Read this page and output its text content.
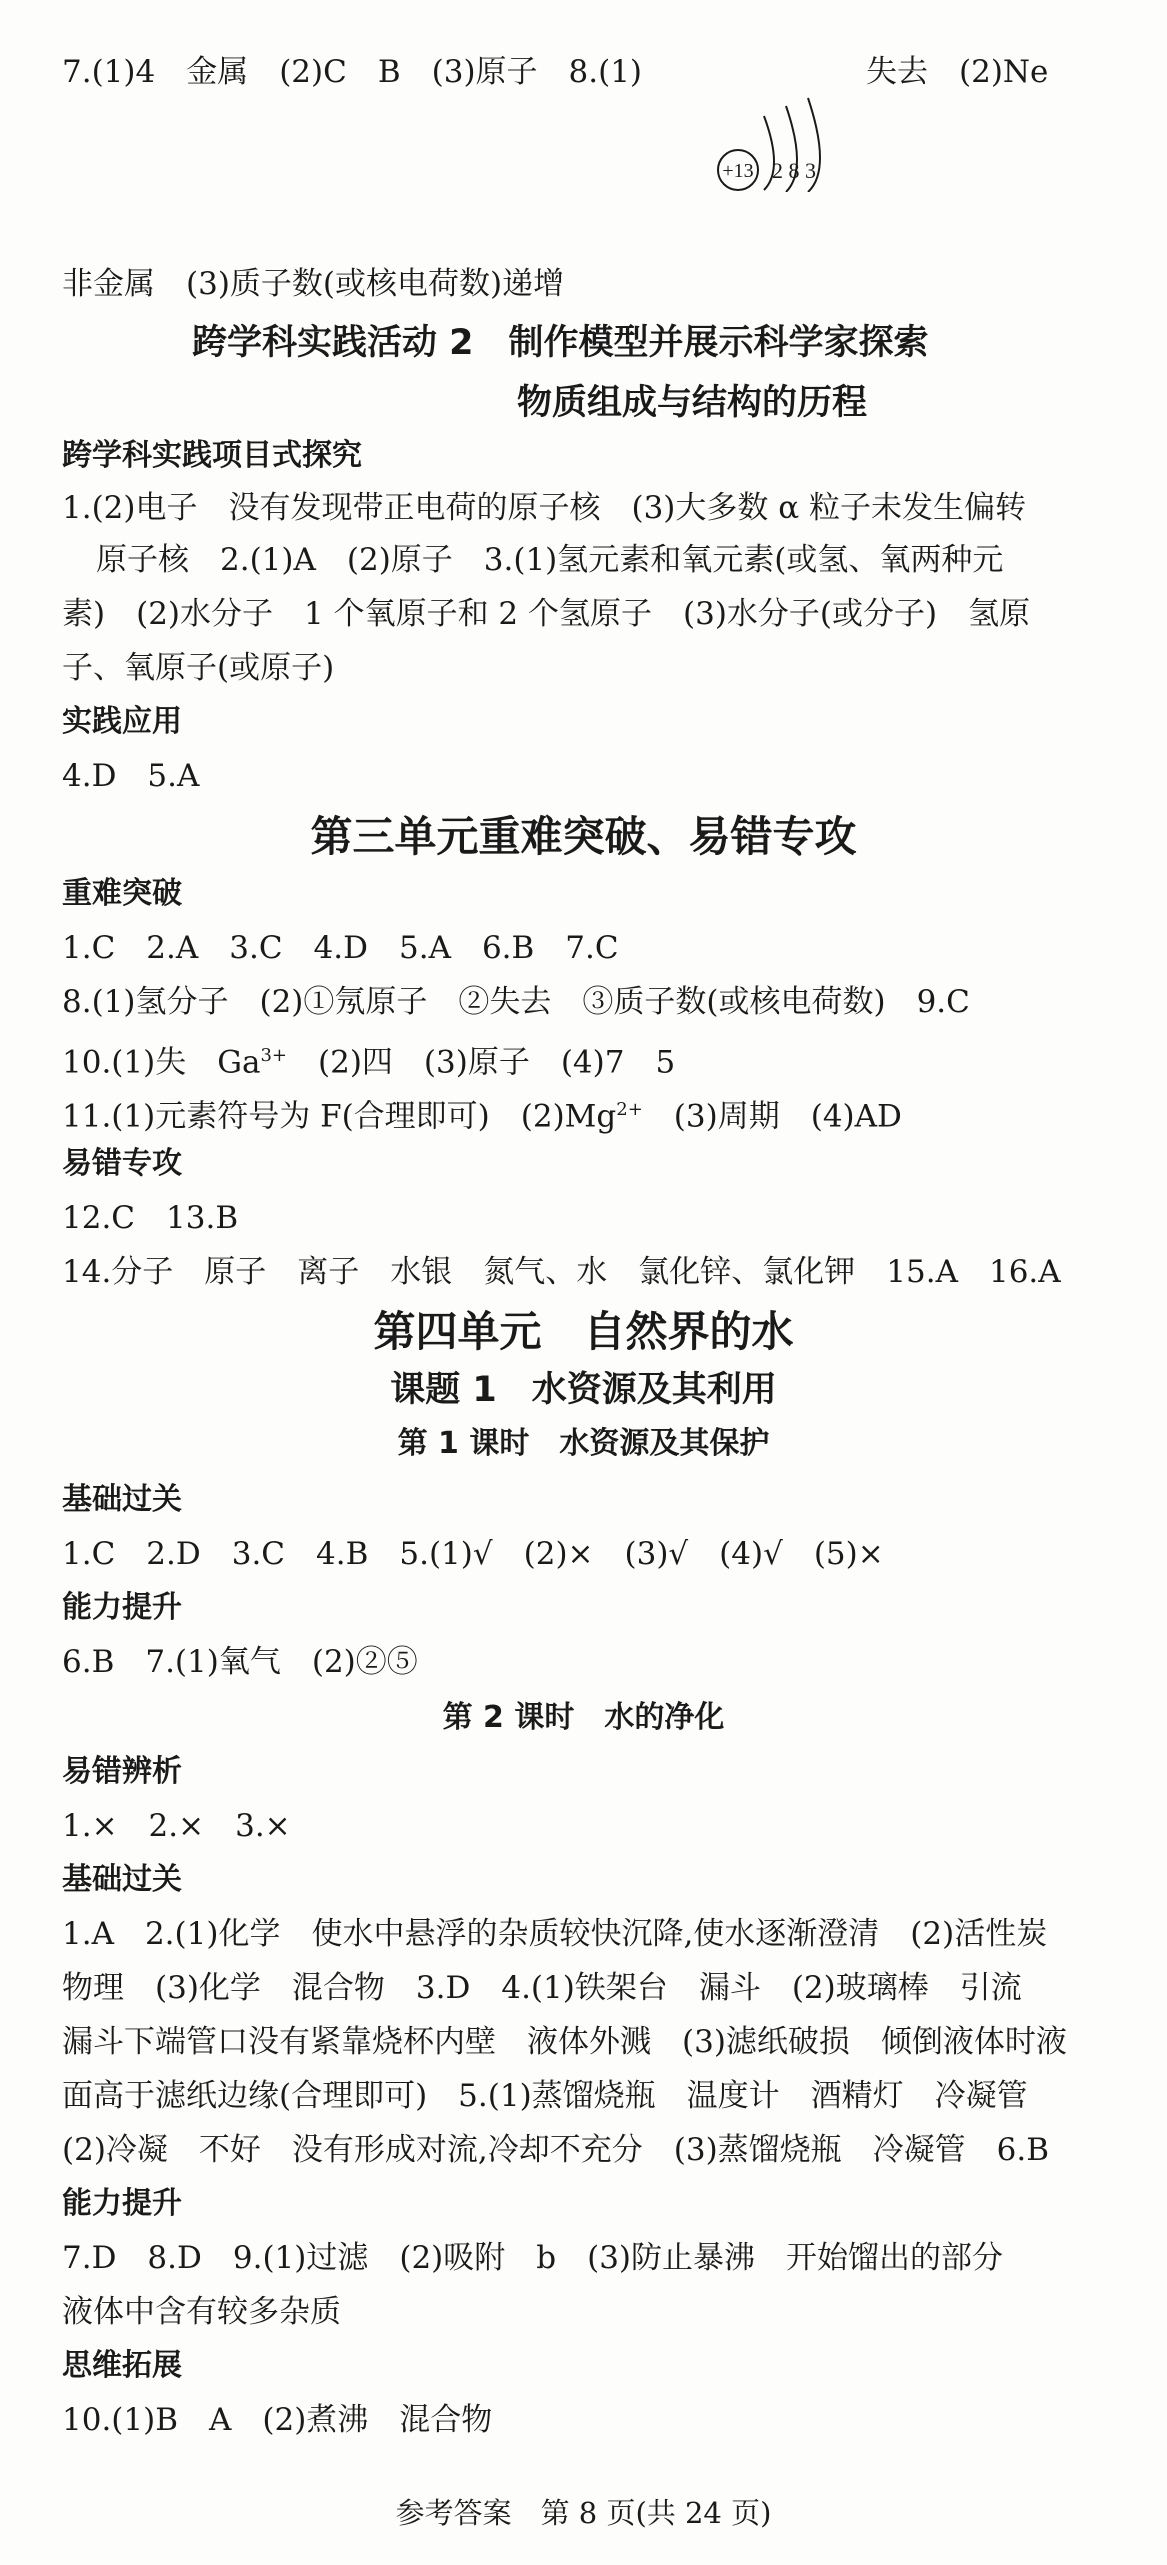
7.(1)4　金属　(2)C　B　(3)原子　8.(1)	失去　(2)Ne
+13 2 8 3
非金属　(3)质子数(或核电荷数)递增
跨学科实践活动 2　制作模型并展示科学家探索
物质组成与结构的历程
跨学科实践项目式探究
1.(2)电子　没有发现带正电荷的原子核　(3)大多数 α 粒子未发生偏转
原子核　2.(1)A　(2)原子　3.(1)氢元素和氧元素(或氢、氧两种元
素)　(2)水分子　1 个氧原子和 2 个氢原子　(3)水分子(或分子)　氢原
子、氧原子(或原子)
实践应用
4.D　5.A
第三单元重难突破、易错专攻
重难突破
1.C　2.A　3.C　4.D　5.A　6.B　7.C
8.(1)氢分子　(2)①氖原子　②失去　③质子数(或核电荷数)　9.C
10.(1)失　$Ga^{3+}$　(2)四　(3)原子　(4)7　5
11.(1)元素符号为 F(合理即可)　$(2)Mg^{2+}$　(3)周期　(4)AD
易错专攻
12.C　13.B
14.分子　原子　离子　水银　氮气、水　氯化锌、氯化钾　15.A　16.A
第四单元　自然界的水
课题 1　水资源及其利用
第 1 课时　水资源及其保护
基础过关
1.C　2.D　3.C　4.B　5.(1)√　(2)×　(3)√　(4)√　(5)×
能力提升
6.B　7.(1)氧气　(2)②⑤
第 2 课时　水的净化
易错辨析
1.×　2.×　3.×
基础过关
1.A　2.(1)化学　使水中悬浮的杂质较快沉降,使水逐渐澄清　(2)活性炭
物理　(3)化学　混合物　3.D　4.(1)铁架台　漏斗　(2)玻璃棒　引流
漏斗下端管口没有紧靠烧杯内壁　液体外溅　(3)滤纸破损　倾倒液体时液
面高于滤纸边缘(合理即可)　5.(1)蒸馏烧瓶　温度计　酒精灯　冷凝管
(2)冷凝　不好　没有形成对流,冷却不充分　(3)蒸馏烧瓶　冷凝管　6.B
能力提升
7.D　8.D　9.(1)过滤　(2)吸附　b　(3)防止暴沸　开始馏出的部分
液体中含有较多杂质
思维拓展
10.(1)B　A　(2)煮沸　混合物
参考答案　第 8 页(共 24 页)
